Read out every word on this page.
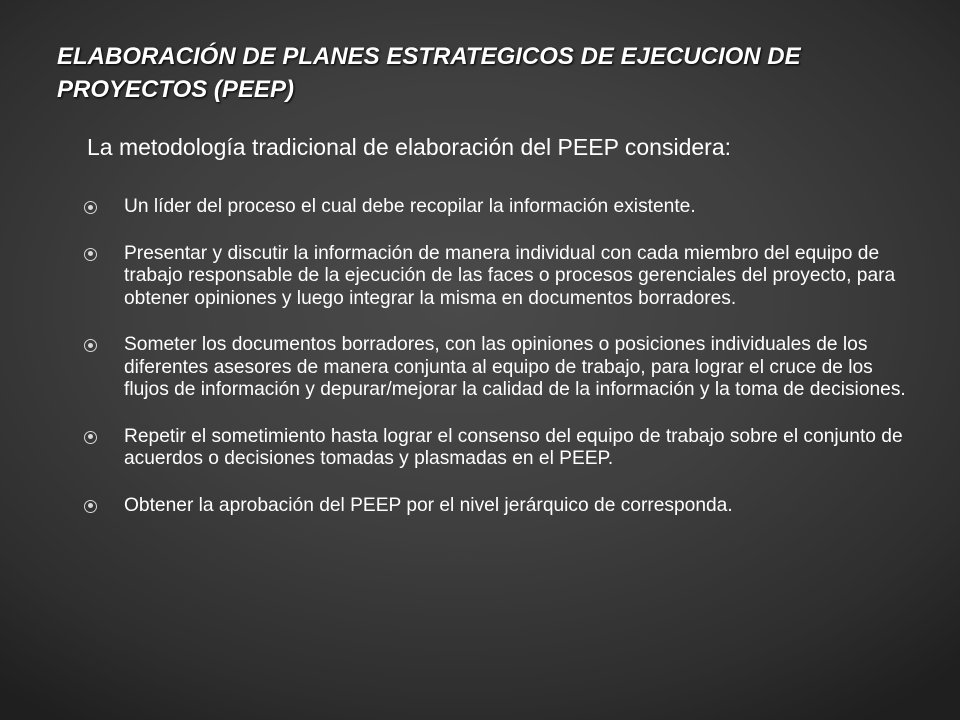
ELABORACIÓN DE PLANES ESTRATEGICOS DE EJECUCION DE PROYECTOS (PEEP)

La metodología tradicional de elaboración del PEEP considera:

Un líder del proceso el cual debe recopilar la información existente.
Presentar y discutir la información de manera individual con cada miembro del equipo de trabajo responsable de la ejecución de las faces o procesos gerenciales del proyecto, para obtener opiniones y luego integrar la misma en documentos borradores.
Someter los documentos borradores, con las opiniones o posiciones individuales de los diferentes asesores de manera conjunta al equipo de trabajo, para lograr el cruce de los flujos de información y depurar/mejorar la calidad de la información y la toma de decisiones.
Repetir el sometimiento hasta lograr el consenso del equipo de trabajo sobre el conjunto de acuerdos o decisiones tomadas y plasmadas en el PEEP.
Obtener la aprobación del PEEP por el nivel jerárquico de corresponda.
